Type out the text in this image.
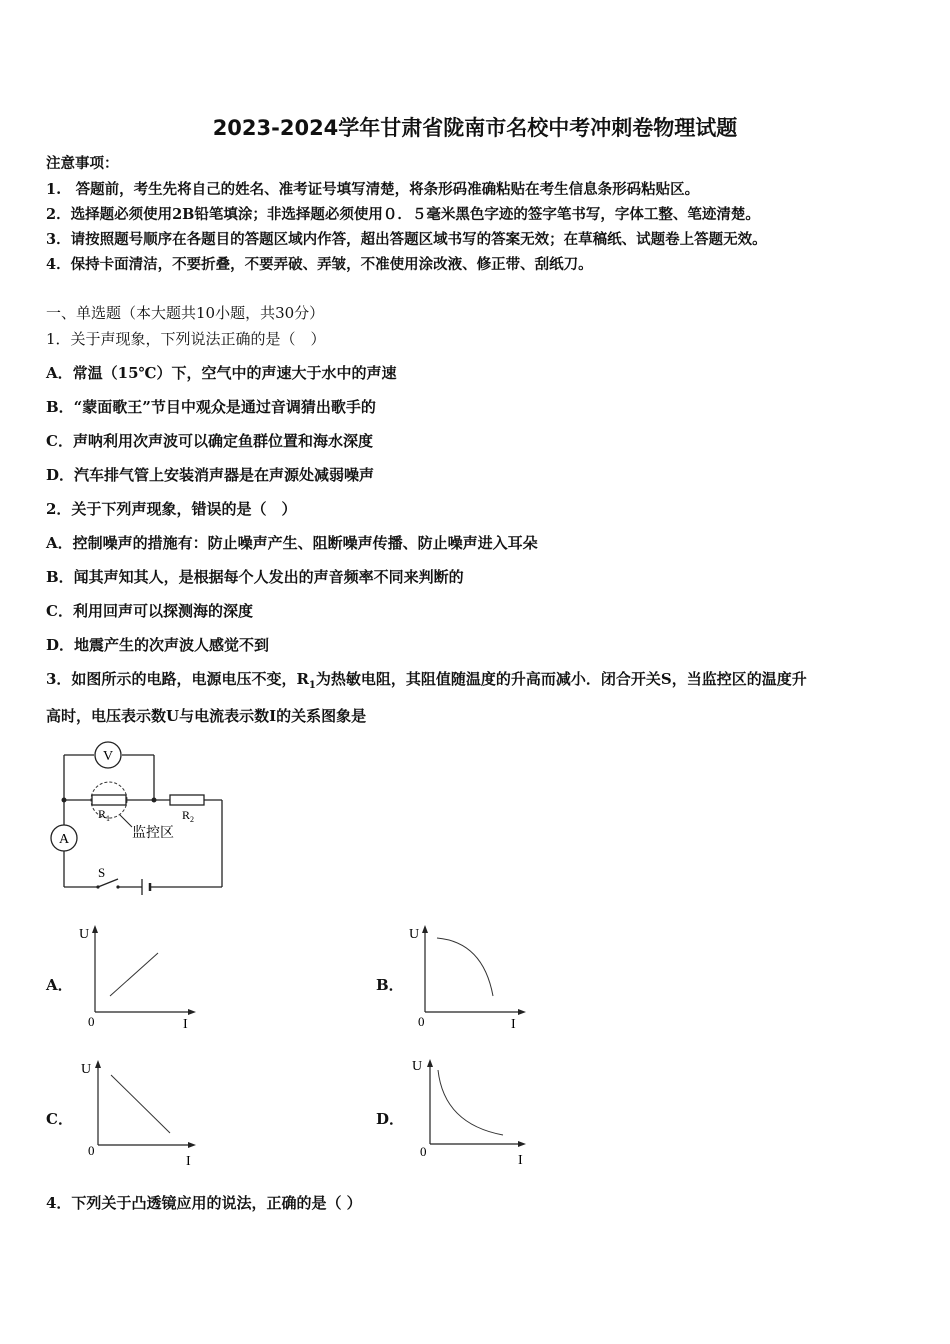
2023-2024学年甘肃省陇南市名校中考冲刺卷物理试题
注意事项：
1.　答题前，考生先将自己的姓名、准考证号填写清楚，将条形码准确粘贴在考生信息条形码粘贴区。
2．选择题必须使用2B铅笔填涂；非选择题必须使用０．５毫米黑色字迹的签字笔书写，字体工整、笔迹清楚。
3．请按照题号顺序在各题目的答题区域内作答，超出答题区域书写的答案无效；在草稿纸、试题卷上答题无效。
4．保持卡面清洁，不要折叠，不要弄破、弄皱，不准使用涂改液、修正带、刮纸刀。
一、单选题（本大题共10小题，共30分）
1．关于声现象，下列说法正确的是（　）
A．常温（15℃）下，空气中的声速大于水中的声速
B．“蒙面歌王”节目中观众是通过音调猜出歌手的
C．声呐利用次声波可以确定鱼群位置和海水深度
D．汽车排气管上安装消声器是在声源处减弱噪声
2．关于下列声现象，错误的是（　）
A．控制噪声的措施有：防止噪声产生、阻断噪声传播、防止噪声进入耳朵
B．闻其声知其人，是根据每个人发出的声音频率不同来判断的
C．利用回声可以探测海的深度
D．地震产生的次声波人感觉不到
3．如图所示的电路，电源电压不变，$R_1$为热敏电阻，其阻值随温度的升高而减小．闭合开关S，当监控区的温度升
高时，电压表示数U与电流表示数I的关系图象是
V
A
$R_1$
监控区
$R_2$
S
A．
U
0	I
B．
U
0	I
C．
U
0
I
D．
U
0
I
4．下列关于凸透镜应用的说法，正确的是（ ）
